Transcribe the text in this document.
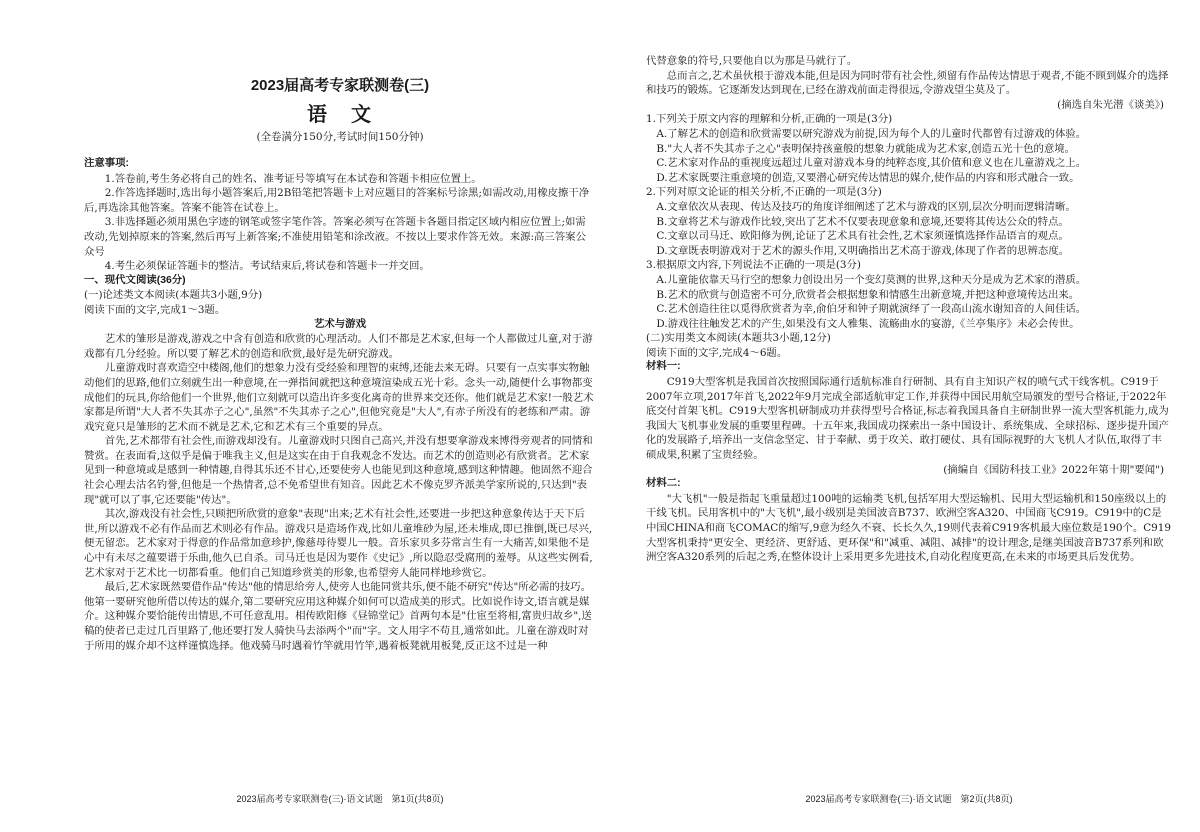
2023届高考专家联测卷(三)
语　文
(全卷满分150分,考试时间150分钟)
注意事项:

1.答卷前,考生务必将自己的姓名、准考证号等填写在本试卷和答题卡相应位置上。

2.作答选择题时,选出每小题答案后,用2B铅笔把答题卡上对应题目的答案标号涂黑;如需改动,用橡皮擦干净后,再选涂其他答案。答案不能答在试卷上。

3.非选择题必须用黑色字迹的钢笔或签字笔作答。答案必须写在答题卡各题目指定区域内相应位置上;如需改动,先划掉原来的答案,然后再写上新答案;不准使用铅笔和涂改液。不按以上要求作答无效。来源:高三答案公众号

4.考生必须保证答题卡的整洁。考试结束后,将试卷和答题卡一并交回。

一、现代文阅读(36分)
(一)论述类文本阅读(本题共3小题,9分)
阅读下面的文字,完成1～3题。
艺术与游戏

艺术的雏形是游戏,游戏之中含有创造和欣赏的心理活动。人们不都是艺术家,但每一个人都做过儿童,对于游戏都有几分经验。所以要了解艺术的创造和欣赏,最好是先研究游戏。

儿童游戏时喜欢造空中楼阁,他们的想象力没有受经验和理智的束缚,还能去来无碍。只要有一点实事实物触动他们的思路,他们立刻就生出一种意境,在一弹指间就把这种意境渲染成五光十彩。念头一动,随便什么事物都变成他们的玩具,你给他们一个世界,他们立刻就可以造出许多变化离奇的世界来交还你。他们就是艺术家!一般艺术家都是所谓"大人者不失其赤子之心",虽然"不失其赤子之心",但他究竟是"大人",有赤子所没有的老练和严肃。游戏究竟只是雏形的艺术而不就是艺术,它和艺术有三个重要的异点。

首先,艺术都带有社会性,而游戏却没有。儿童游戏时只图自己高兴,并没有想要拿游戏来博得旁观者的同情和赞赏。在表面看,这似乎是偏于唯我主义,但是这实在由于自我观念不发达。而艺术的创造则必有欣赏者。艺术家见到一种意境或是感到一种情趣,自得其乐还不甘心,还要使旁人也能见到这种意境,感到这种情趣。他固然不迎合社会心理去沽名钓誉,但他是一个热情者,总不免希望世有知音。因此艺术不像克罗齐派美学家所说的,只达到"表现"就可以了事,它还要能"传达"。

其次,游戏没有社会性,只顾把所欣赏的意象"表现"出来;艺术有社会性,还要进一步把这种意象传达于天下后世,所以游戏不必有作品而艺术则必有作品。游戏只是造场作戏,比如儿童堆砂为屋,还未堆成,即已推倒,既已尽兴,便无留恋。艺术家对于得意的作品常加意珍护,像慈母待婴儿一般。音乐家贝多芬常言生有一大痛苦,如果他不是心中有未尽之蕴要谱于乐曲,他久已自杀。司马迁也是因为要作《史记》,所以隐忍受腐刑的羞辱。从这些实例看,艺术家对于艺术比一切都看重。他们自己知道珍赏美的形象,也希望旁人能同样地珍赏它。

最后,艺术家既然要借作品"传达"他的情思给旁人,使旁人也能同赏共乐,便不能不研究"传达"所必需的技巧。他第一要研究他所借以传达的媒介,第二要研究应用这种媒介如何可以造成美的形式。比如说作诗文,语言就是媒介。这种媒介要恰能传出情思,不可任意乱用。相传欧阳修《昼锦堂记》首两句本是"仕宦至将相,富贵归故乡",送稿的使者已走过几百里路了,他还要打发人骑快马去添两个"而"字。文人用字不苟且,通常如此。儿童在游戏时对于所用的媒介却不这样谨慎选择。他戏骑马时遇着竹竿就用竹竿,遇着板凳就用板凳,反正这不过是一种

2023届高考专家联测卷(三)·语文试题　第1页(共8页)

代替意象的符号,只要他自以为那是马就行了。

总而言之,艺术虽伙根于游戏本能,但是因为同时带有社会性,须留有作品传达情思于观者,不能不顾到媒介的选择和技巧的锻炼。它逐渐发达到现在,已经在游戏前面走得很远,令游戏望尘莫及了。

(摘选自朱光潜《谈美》)
1.下列关于原文内容的理解和分析,正确的一项是(3分)

A.了解艺术的创造和欣赏需要以研究游戏为前提,因为每个人的儿童时代都曾有过游戏的体验。

B."大人者不失其赤子之心"表明保持孩童般的想象力就能成为艺术家,创造五光十色的意境。

C.艺术家对作品的重视度远超过儿童对游戏本身的纯粹态度,其价值和意义也在儿童游戏之上。

D.艺术家既要注重意境的创造,又要潜心研究传达情思的媒介,使作品的内容和形式融合一致。

2.下列对原文论证的相关分析,不正确的一项是(3分)

A.文章依次从表现、传达及技巧的角度详细阐述了艺术与游戏的区别,层次分明而逻辑清晰。

B.文章将艺术与游戏作比较,突出了艺术不仅要表现意象和意境,还要将其传达公众的特点。

C.文章以司马迁、欧阳修为例,论证了艺术具有社会性,艺术家须谨慎选择作品语言的观点。

D.文章既表明游戏对于艺术的源头作用,又明确指出艺术高于游戏,体现了作者的思辨态度。

3.根据原文内容,下列说法不正确的一项是(3分)

A.儿童能依靠天马行空的想象力创设出另一个变幻莫测的世界,这种天分是成为艺术家的潜质。

B.艺术的欣赏与创造密不可分,欣赏者会根据想象和情感生出新意境,并把这种意境传达出来。

C.艺术创造往往以觅得欣赏者为幸,俞伯牙和钟子期就演绎了一段高山流水谢知音的人间佳话。

D.游戏往往触发艺术的产生,如果没有文人雅集、流觞曲水的宴游,《兰亭集序》未必会传世。

(二)实用类文本阅读(本题共3小题,12分)
阅读下面的文字,完成4～6题。
材料一:

C919大型客机是我国首次按照国际通行适航标准自行研制、具有自主知识产权的喷气式干线客机。C919于2007年立项,2017年首飞,2022年9月完成全部适航审定工作,并获得中国民用航空局颁发的型号合格证,于2022年底交付首架飞机。C919大型客机研制成功并获得型号合格证,标志着我国具备自主研制世界一流大型客机能力,成为我国大飞机事业发展的重要里程碑。十五年来,我国成功探索出一条中国设计、系统集成、全球招标、逐步提升国产化的发展路子,培养出一支信念坚定、甘于奉献、勇于攻关、敢打硬仗、具有国际视野的大飞机人才队伍,取得了丰硕成果,积累了宝贵经验。

(摘编自《国防科技工业》2022年第十期"要闻")
材料二:

"大飞机"一般是指起飞重量超过100吨的运输类飞机,包括军用大型运输机、民用大型运输机和150座级以上的干线飞机。民用客机中的"大飞机",最小级别是美国波音B737、欧洲空客A320、中国商飞C919。C919中的C是中国CHINA和商飞COMAC的缩写,9意为经久不衰、长长久久,19则代表着C919客机最大座位数是190个。C919大型客机秉持"更安全、更经济、更舒适、更环保"和"减重、减阻、减排"的设计理念,是继美国波音B737系列和欧洲空客A320系列的后起之秀,在整体设计上采用更多先进技术,自动化程度更高,在未来的市场更具后发优势。

2023届高考专家联测卷(三)·语文试题　第2页(共8页)
